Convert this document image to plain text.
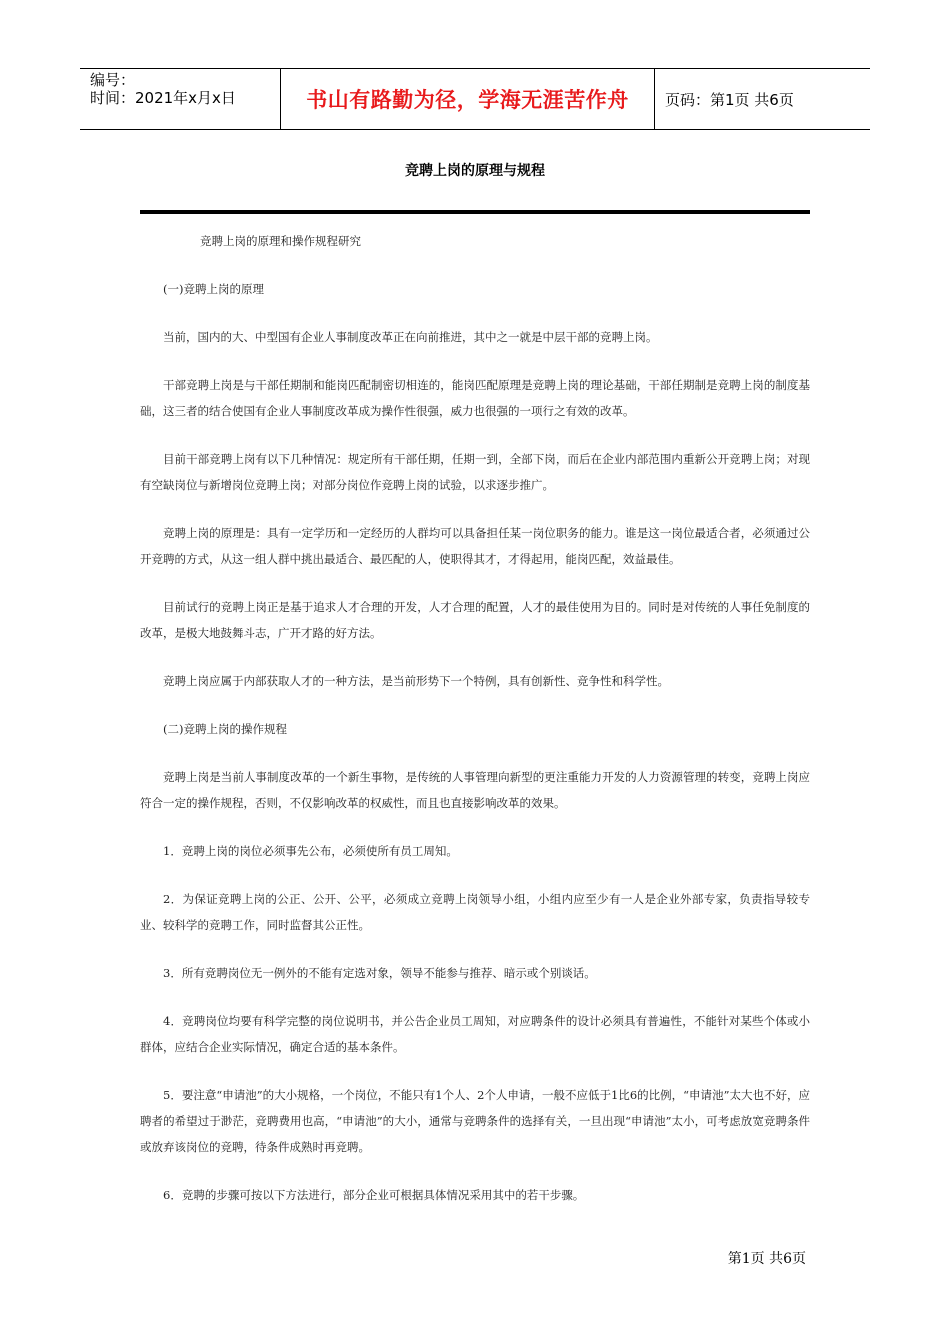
编号：
时间：2021年x月x日	书山有路勤为径，学海无涯苦作舟	页码：第1页 共6页
竞聘上岗的原理与规程

竞聘上岗的原理和操作规程研究

(一)竞聘上岗的原理

当前，国内的大、中型国有企业人事制度改革正在向前推进，其中之一就是中层干部的竞聘上岗。

干部竞聘上岗是与干部任期制和能岗匹配制密切相连的，能岗匹配原理是竞聘上岗的理论基础，干部任期制是竞聘上岗的制度基础，这三者的结合使国有企业人事制度改革成为操作性很强，威力也很强的一项行之有效的改革。

目前干部竞聘上岗有以下几种情况：规定所有干部任期，任期一到，全部下岗，而后在企业内部范围内重新公开竞聘上岗；对现有空缺岗位与新增岗位竞聘上岗；对部分岗位作竞聘上岗的试验，以求逐步推广。

竞聘上岗的原理是：具有一定学历和一定经历的人群均可以具备担任某一岗位职务的能力。谁是这一岗位最适合者，必须通过公开竞聘的方式，从这一组人群中挑出最适合、最匹配的人，使职得其才，才得起用，能岗匹配，效益最佳。

目前试行的竞聘上岗正是基于追求人才合理的开发，人才合理的配置，人才的最佳使用为目的。同时是对传统的人事任免制度的改革，是极大地鼓舞斗志，广开才路的好方法。

竞聘上岗应属于内部获取人才的一种方法，是当前形势下一个特例，具有创新性、竞争性和科学性。

(二)竞聘上岗的操作规程

竞聘上岗是当前人事制度改革的一个新生事物，是传统的人事管理向新型的更注重能力开发的人力资源管理的转变，竞聘上岗应符合一定的操作规程，否则，不仅影响改革的权威性，而且也直接影响改革的效果。

1．竞聘上岗的岗位必须事先公布，必须使所有员工周知。

2．为保证竞聘上岗的公正、公开、公平，必须成立竞聘上岗领导小组，小组内应至少有一人是企业外部专家，负责指导较专业、较科学的竞聘工作，同时监督其公正性。

3．所有竞聘岗位无一例外的不能有定选对象，领导不能参与推荐、暗示或个别谈话。

4．竞聘岗位均要有科学完整的岗位说明书，并公告企业员工周知，对应聘条件的设计必须具有普遍性，不能针对某些个体或小群体，应结合企业实际情况，确定合适的基本条件。

5．要注意“申请池”的大小规格，一个岗位，不能只有1个人、2个人申请，一般不应低于1比6的比例，“申请池”太大也不好，应聘者的希望过于渺茫，竞聘费用也高，“申请池”的大小，通常与竞聘条件的选择有关，一旦出现“申请池”太小，可考虑放宽竞聘条件或放弃该岗位的竞聘，待条件成熟时再竞聘。

6．竞聘的步骤可按以下方法进行，部分企业可根据具体情况采用其中的若干步骤。

第1页 共6页
